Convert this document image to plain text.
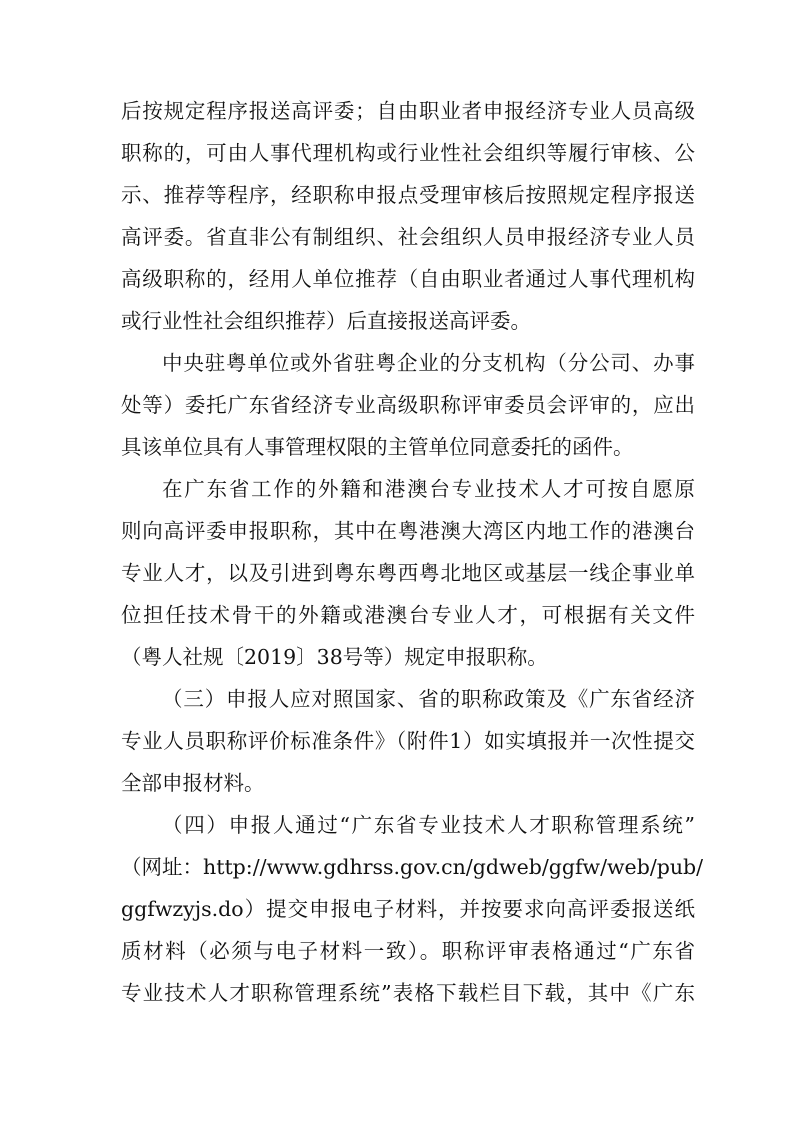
后按规定程序报送高评委；自由职业者申报经济专业人员高级

职称的，可由人事代理机构或行业性社会组织等履行审核、公

示、推荐等程序，经职称申报点受理审核后按照规定程序报送

高评委。省直非公有制组织、社会组织人员申报经济专业人员

高级职称的，经用人单位推荐（自由职业者通过人事代理机构

或行业性社会组织推荐）后直接报送高评委。

中央驻粤单位或外省驻粤企业的分支机构（分公司、办事

处等）委托广东省经济专业高级职称评审委员会评审的，应出

具该单位具有人事管理权限的主管单位同意委托的函件。

在广东省工作的外籍和港澳台专业技术人才可按自愿原

则向高评委申报职称，其中在粤港澳大湾区内地工作的港澳台

专业人才，以及引进到粤东粤西粤北地区或基层一线企事业单

位担任技术骨干的外籍或港澳台专业人才，可根据有关文件

（粤人社规〔2019〕38号等）规定申报职称。

（三）申报人应对照国家、省的职称政策及《广东省经济

专业人员职称评价标准条件》（附件1）如实填报并一次性提交

全部申报材料。

（四）申报人通过“广东省专业技术人才职称管理系统”

（网址：http://www.gdhrss.gov.cn/gdweb/ggfw/web/pub/

ggfwzyjs.do）提交申报电子材料，并按要求向高评委报送纸

质材料（必须与电子材料一致）。职称评审表格通过“广东省

专业技术人才职称管理系统”表格下载栏目下载，其中《广东
